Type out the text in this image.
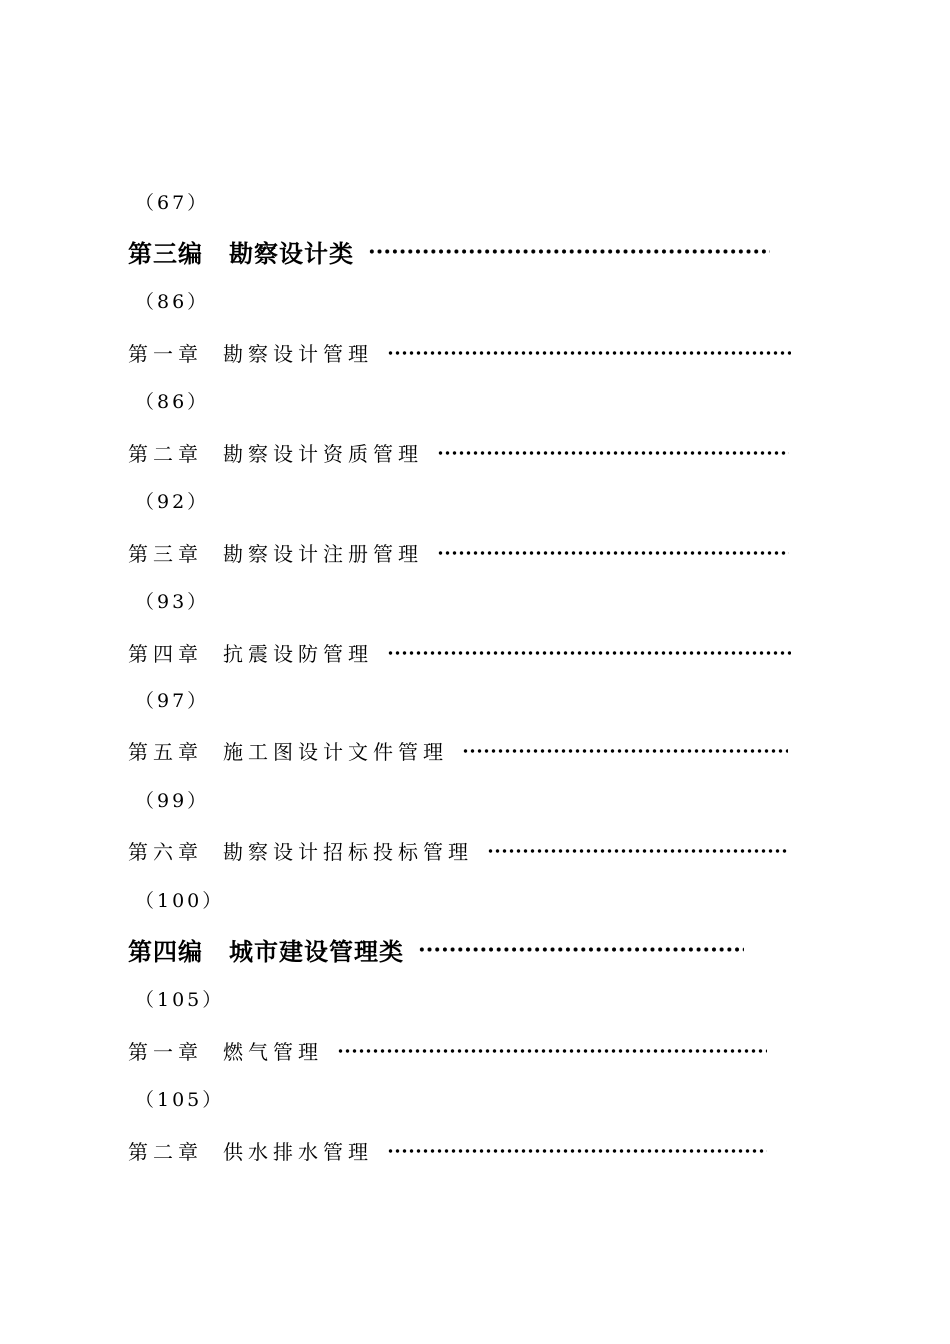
（67）
第三编 勘察设计类
（86）
第一章 勘察设计管理
（86）
第二章 勘察设计资质管理
（92）
第三章 勘察设计注册管理
（93）
第四章 抗震设防管理
（97）
第五章 施工图设计文件管理
（99）
第六章 勘察设计招标投标管理
（100）
第四编 城市建设管理类
（105）
第一章 燃气管理
（105）
第二章 供水排水管理
